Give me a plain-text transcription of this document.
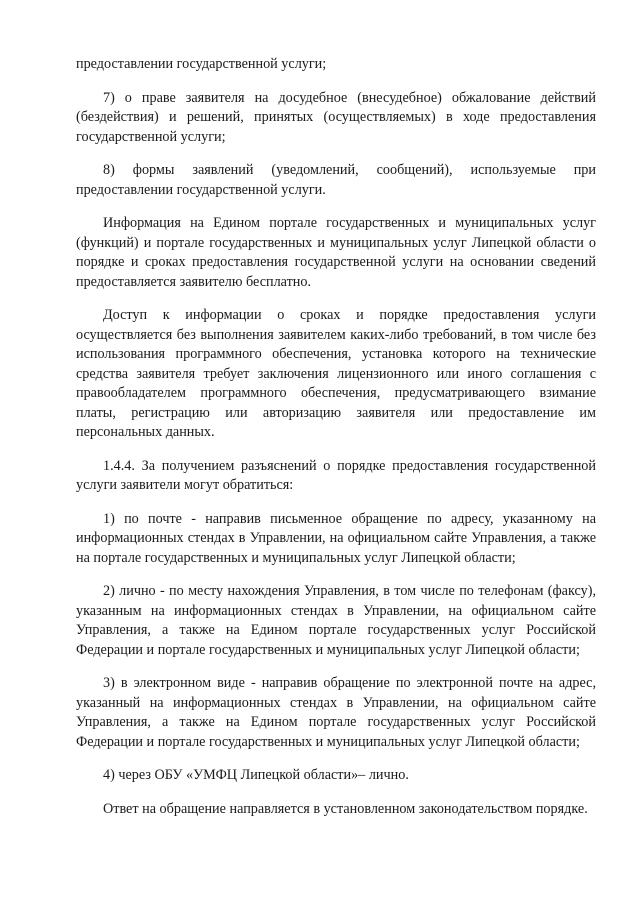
предоставлении государственной услуги;

7) о праве заявителя на досудебное (внесудебное) обжалование действий (бездействия) и решений, принятых (осуществляемых) в ходе предоставления государственной услуги;

8) формы заявлений (уведомлений, сообщений), используемые при предоставлении государственной услуги.

Информация на Едином портале государственных и муниципальных услуг (функций) и портале государственных и муниципальных услуг Липецкой области о порядке и сроках предоставления государственной услуги на основании сведений предоставляется заявителю бесплатно.

Доступ к информации о сроках и порядке предоставления услуги осуществляется без выполнения заявителем каких-либо требований, в том числе без использования программного обеспечения, установка которого на технические средства заявителя требует заключения лицензионного или иного соглашения с правообладателем программного обеспечения, предусматривающего взимание платы, регистрацию или авторизацию заявителя или предоставление им персональных данных.

1.4.4. За получением разъяснений о порядке предоставления государственной услуги заявители могут обратиться:

1) по почте - направив письменное обращение по адресу, указанному на информационных стендах в Управлении, на официальном сайте Управления, а также на портале государственных и муниципальных услуг Липецкой области;

2) лично - по месту нахождения Управления, в том числе по телефонам (факсу), указанным на информационных стендах в Управлении, на официальном сайте Управления, а также на Едином портале государственных услуг Российской Федерации и портале государственных и муниципальных услуг Липецкой области;

3) в электронном виде - направив обращение по электронной почте на адрес, указанный на информационных стендах в Управлении, на официальном сайте Управления, а также на Едином портале государственных услуг Российской Федерации и портале государственных и муниципальных услуг Липецкой области;

4) через ОБУ «УМФЦ Липецкой области»– лично.

Ответ на обращение направляется в установленном законодательством порядке.
